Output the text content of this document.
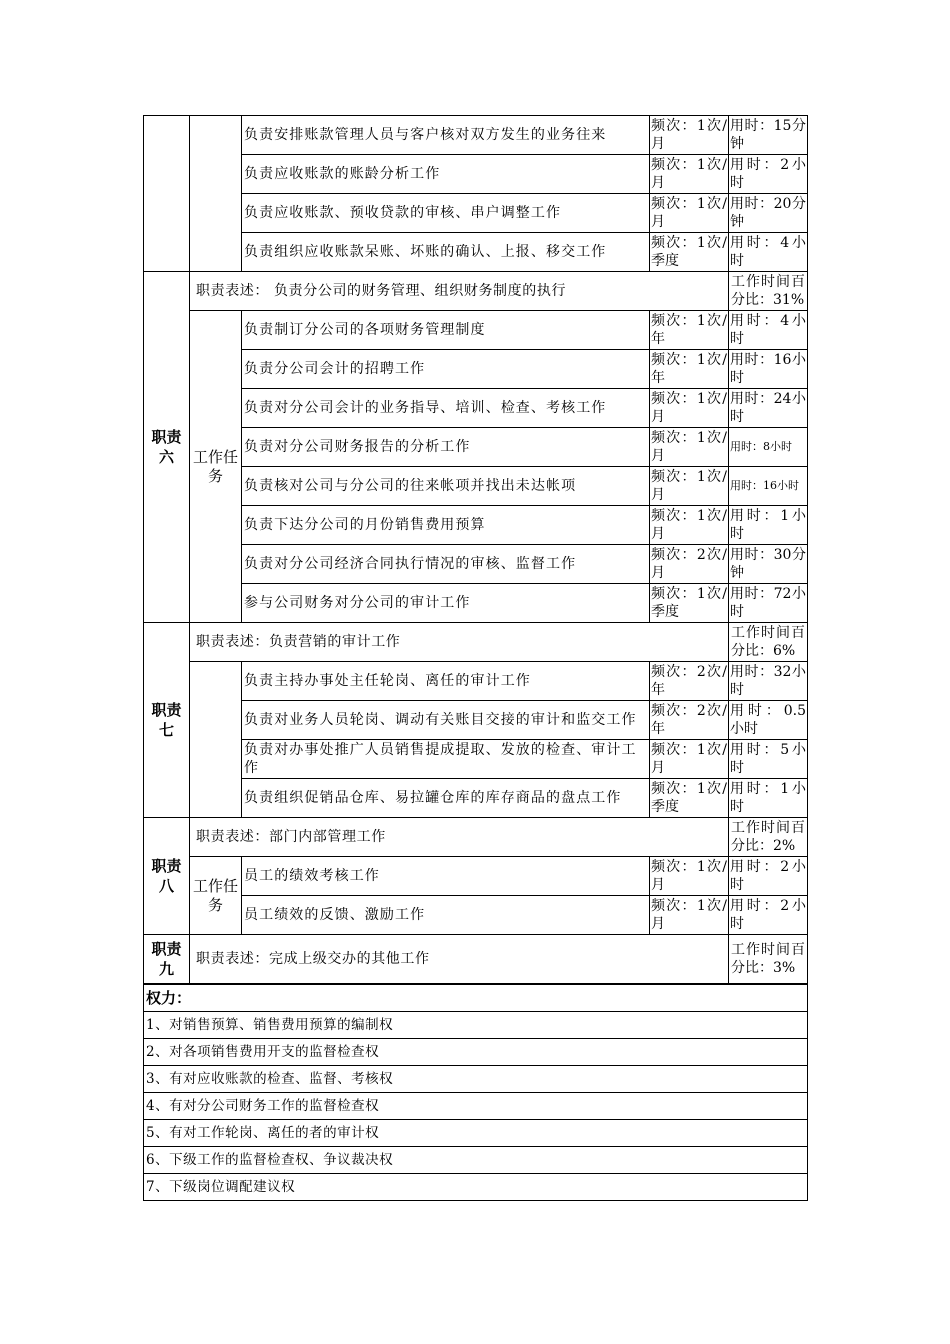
		负责安排账款管理人员与客户核对双方发生的业务往来	频次：1次/月	用时：15分钟
		负责应收账款的账龄分析工作	频次：1次/月	用时：2小时
		负责应收账款、预收贷款的审核、串户调整工作	频次：1次/月	用时：20分钟
		负责组织应收账款呆账、坏账的确认、上报、移交工作	频次：1次/季度	用时：4小时
职责六	职责表述： 负责分公司的财务管理、组织财务制度的执行			工作时间百分比：31%
	工作任务	负责制订分公司的各项财务管理制度	频次：1次/年	用时：4小时
		负责分公司会计的招聘工作	频次：1次/年	用时：16小时
		负责对分公司会计的业务指导、培训、检查、考核工作	频次：1次/月	用时：24小时
		负责对分公司财务报告的分析工作	频次：1次/月	用时：8小时
		负责核对公司与分公司的往来帐项并找出未达帐项	频次：1次/月	用时：16小时
		负责下达分公司的月份销售费用预算	频次：1次/月	用时：1小时
		负责对分公司经济合同执行情况的审核、监督工作	频次：2次/月	用时：30分钟
		参与公司财务对分公司的审计工作	频次：1次/季度	用时：72小时
职责七	职责表述：负责营销的审计工作			工作时间百分比：6%
		负责主持办事处主任轮岗、离任的审计工作	频次：2次/年	用时：32小时
		负责对业务人员轮岗、调动有关账目交接的审计和监交工作	频次：2次/年	用时：0.5小时
		负责对办事处推广人员销售提成提取、发放的检查、审计工作	频次：1次/月	用时：5小时
		负责组织促销品仓库、易拉罐仓库的库存商品的盘点工作	频次：1次/季度	用时：1小时
职责八	职责表述：部门内部管理工作			工作时间百分比：2%
	工作任务	员工的绩效考核工作	频次：1次/月	用时：2小时
		员工绩效的反馈、激励工作	频次：1次/ 月	用时：2小时
职责九	职责表述：完成上级交办的其他工作			工作时间百分比：3%
权力：
1、对销售预算、销售费用预算的编制权
2、对各项销售费用开支的监督检查权
3、有对应收账款的检查、监督、考核权
4、有对分公司财务工作的监督检查权
5、有对工作轮岗、离任的者的审计权
6、下级工作的监督检查权、争议裁决权
7、下级岗位调配建议权
